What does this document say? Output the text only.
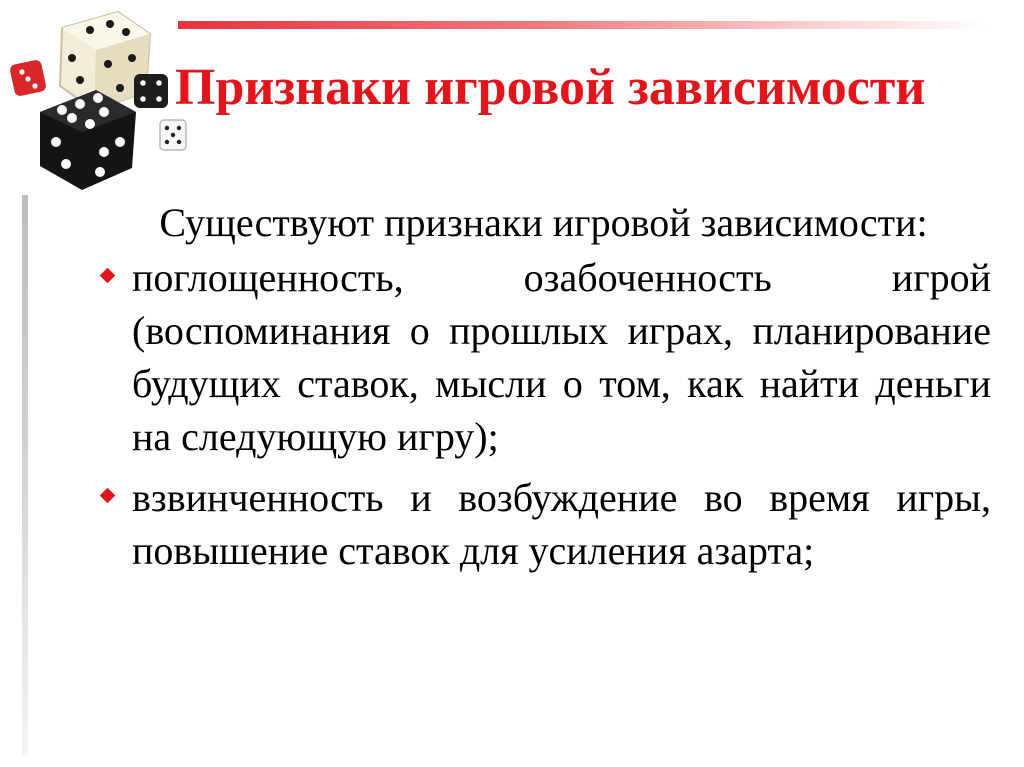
Признаки игровой зависимости

Существуют признаки игровой зависимости:

поглощенность, озабоченность игрой (воспоминания о прошлых играх, планирование будущих ставок, мысли о том, как найти деньги на следующую игру);
взвинченность и возбуждение во время игры, повышение ставок для усиления азарта;
